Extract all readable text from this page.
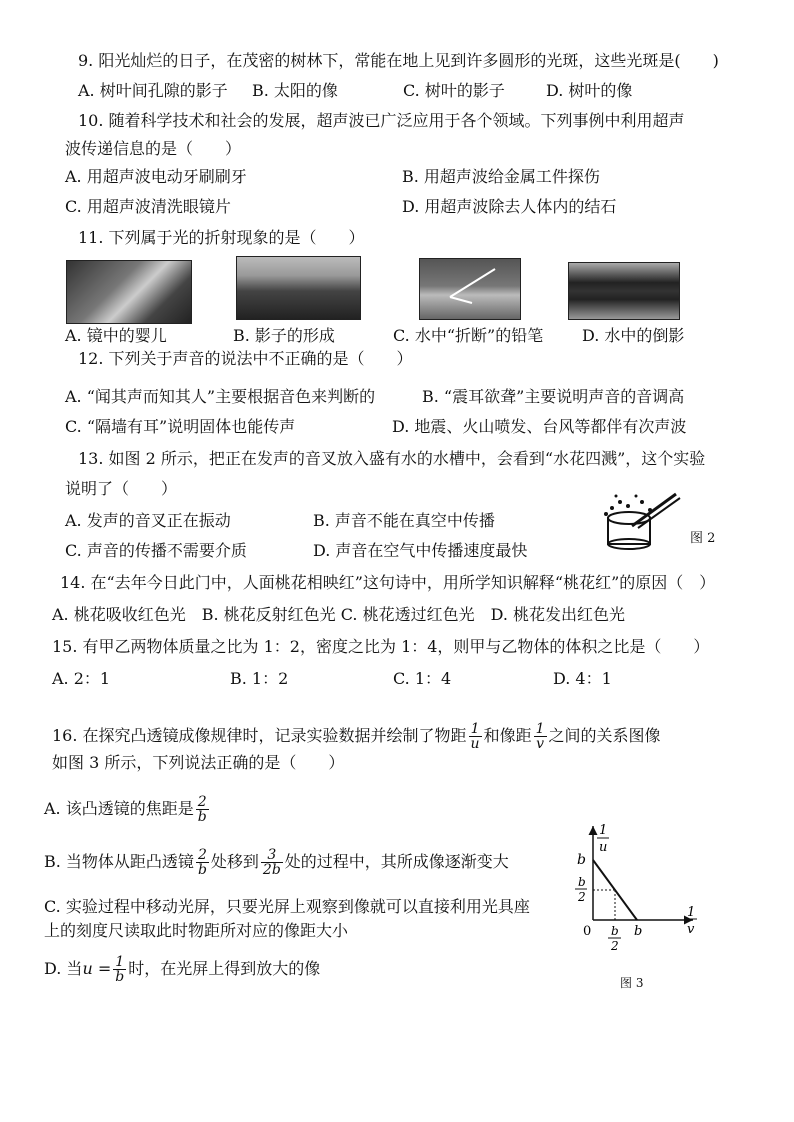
9. 阳光灿烂的日子，在茂密的树林下，常能在地上见到许多圆形的光斑，这些光斑是(　　)
A. 树叶间孔隙的影子 B. 太阳的像	C. 树叶的影子	D. 树叶的像
10. 随着科学技术和社会的发展，超声波已广泛应用于各个领域。下列事例中利用超声
波传递信息的是（　　）
A. 用超声波电动牙刷刷牙	B. 用超声波给金属工件探伤
C. 用超声波清洗眼镜片	D. 用超声波除去人体内的结石
11. 下列属于光的折射现象的是（　　）
A. 镜中的婴儿	B. 影子的形成	C. 水中“折断”的铅笔 D. 水中的倒影
12. 下列关于声音的说法中不正确的是（　　）
A. “闻其声而知其人”主要根据音色来判断的	B. “震耳欲聋”主要说明声音的音调高
C. “隔墙有耳”说明固体也能传声	D. 地震、火山喷发、台风等都伴有次声波
13. 如图 2 所示，把正在发声的音叉放入盛有水的水槽中，会看到“水花四溅”，这个实验
说明了（　　）
A. 发声的音叉正在振动	B. 声音不能在真空中传播
C. 声音的传播不需要介质	D. 声音在空气中传播速度最快
图 2
14. 在“去年今日此门中，人面桃花相映红”这句诗中，用所学知识解释“桃花红”的原因（　）
A. 桃花吸收红色光　B. 桃花反射红色光 C. 桃花透过红色光　D. 桃花发出红色光
15. 有甲乙两物体质量之比为 1：2，密度之比为 1：4，则甲与乙物体的体积之比是（　　）
A. 2：1	B. 1：2	C. 1：4	D. 4：1
16. 在探究凸透镜成像规律时，记录实验数据并绘制了物距 $\frac{1}{u}$ 和像距 $\frac{1}{v}$ 之间的关系图像
如图 3 所示，下列说法正确的是（　　）
A. 该凸透镜的焦距是 $\frac{2}{b}$
B. 当物体从距凸透镜 $\frac{2}{b}$ 处移到 $\frac{3}{2b}$ 处的过程中，其所成像逐渐变大
C. 实验过程中移动光屏，只要光屏上观察到像就可以直接利用光具座
上的刻度尺读取此时物距所对应的像距大小
D. 当$u = \frac{1}{b}$ 时，在光屏上得到放大的像
1
u
1
v
b
b
2
0 b
2
b
图 3
